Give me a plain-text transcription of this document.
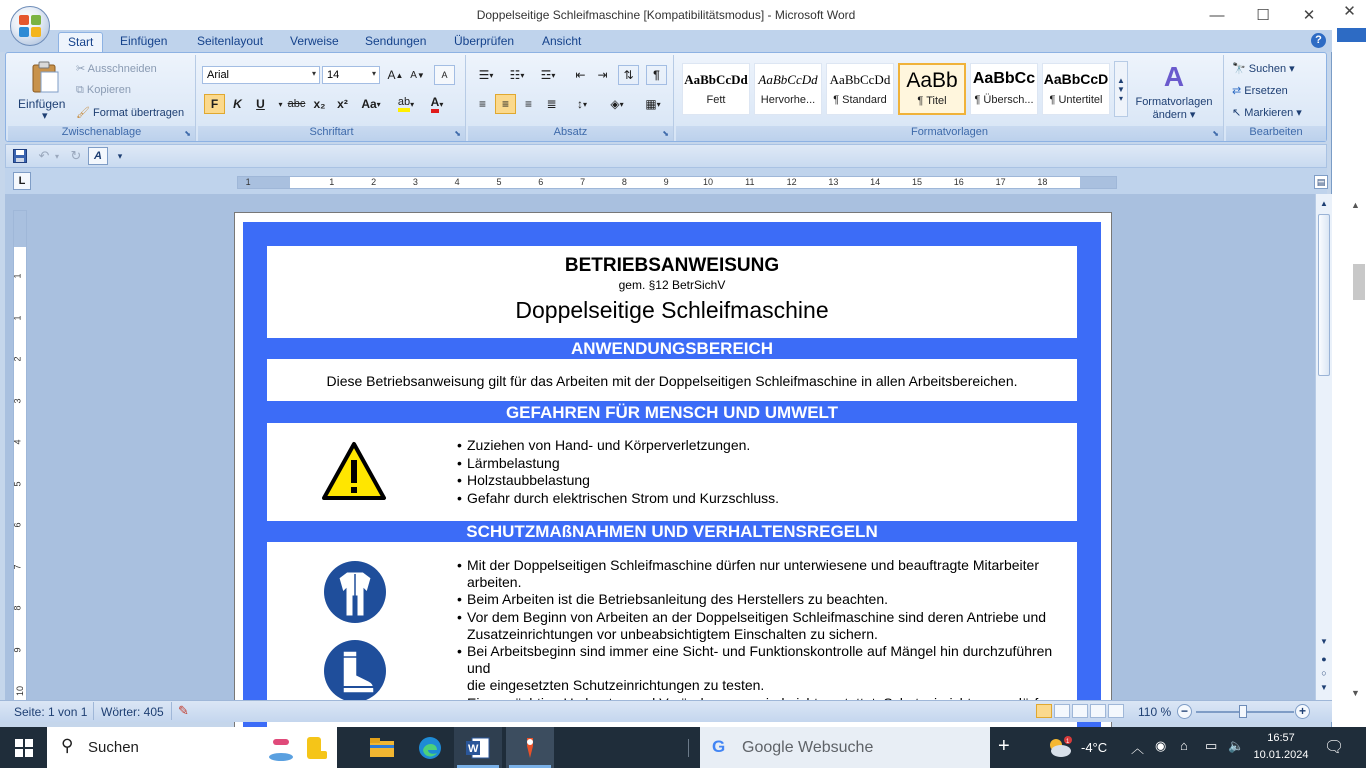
Doppelseitige Schleifmaschine [Kompatibilitätsmodus] - Microsoft Word	—	☐	✕
Start	Einfügen	Seitenlayout	Verweise	Sendungen	Überprüfen	Ansicht	?
Einfügen
▾
✂ Ausschneiden
⧉ Kopieren
🖌 Format übertragen
Zwischenablage	⬊
Arial	▾	14	▾ A ▲ A ▼ A
F	K	U	▾ abc x₂ x²	Aa ▾ ab ▾ A ▾
Schriftart	⬊
☰ ▾	☷ ▾	☲ ▾	⇤ ⇥	⇅	¶
≡	≡	≡	≣	↕ ▾	◈ ▾	▦ ▾
Absatz	⬊
AaBbCcDd
Fett
AaBbCcDd
Hervorhe...
AaBbCcDd
¶ Standard
AaBb
¶ Titel
AaBbCc
¶ Übersch...
AaBbCcD
¶ Untertitel
▲
▼
▾
A
Formatvorlagen ändern ▾
Formatvorlagen	⬊
🔭 Suchen ▾
⇄ Ersetzen
↖ Markieren ▾
Bearbeiten
↶ ▾ ↻	A	▾
L	1	1	2	3	4	5	6	7	8	9	10	11	12	13	14	15	16	17	18	▤
1
1
2
3
4
5
6
7
8
9
10
BETRIEBSANWEISUNG
gem. §12 BetrSichV
Doppelseitige Schleifmaschine
ANWENDUNGSBEREICH
Diese Betriebsanweisung gilt für das Arbeiten mit der Doppelseitigen Schleifmaschine in allen Arbeitsbereichen.
GEFAHREN FÜR MENSCH UND UMWELT
• Zuziehen von Hand- und Körperverletzungen.
• Lärmbelastung
• Holzstaubbelastung
• Gefahr durch elektrischen Strom und Kurzschluss.
SCHUTZMAßNAHMEN UND VERHALTENSREGELN
• Mit der Doppelseitigen Schleifmaschine dürfen nur unterwiesene und beauftragte Mitarbeiter
arbeiten.
• Beim Arbeiten ist die Betriebsanleitung des Herstellers zu beachten.
• Vor dem Beginn von Arbeiten an der Doppelseitigen Schleifmaschine sind deren Antriebe und
Zusatzeinrichtungen vor unbeabsichtigtem Einschalten zu sichern.
• Bei Arbeitsbeginn sind immer eine Sicht- und Funktionskontrolle auf Mängel hin durchzuführen und
die eingesetzten Schutzeinrichtungen zu testen.
•
▲
▼
●
○
▼
Seite: 1 von 1 Wörter: 405 ✎	110 % −	+
✕
▲
▼
⚲ Suchen	W	G Google Websuche	+	1 -4°C ︿ ◉ ⌂ ▭ 🔈	16:57
10.01.2024 🗨
